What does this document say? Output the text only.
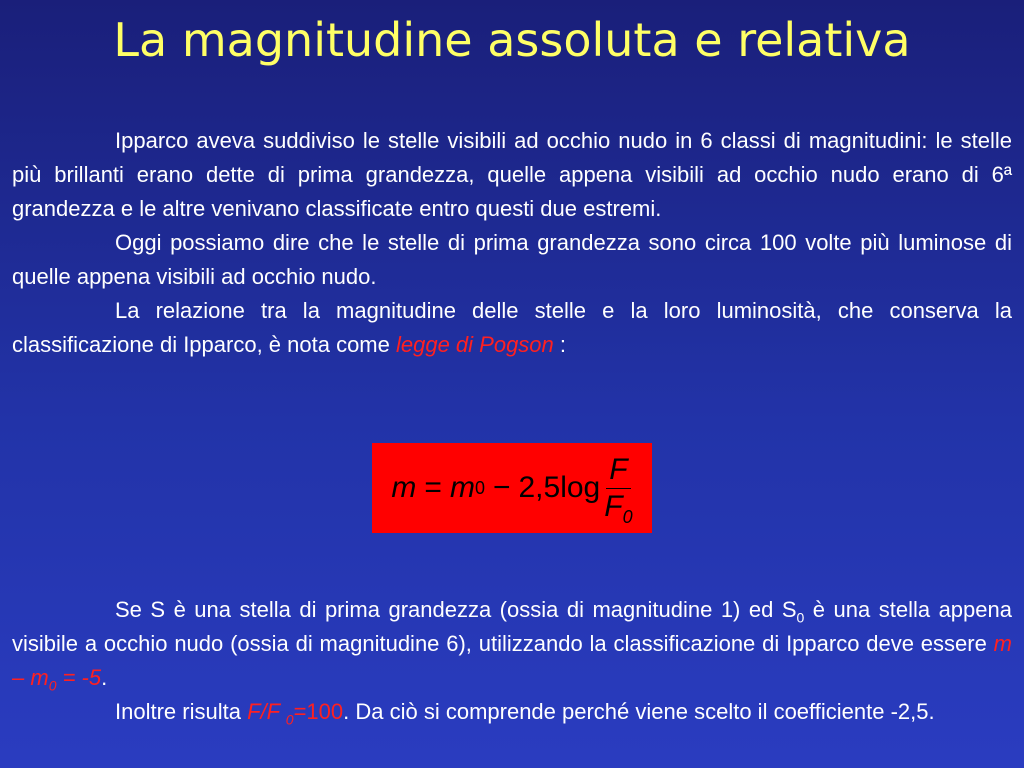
La magnitudine assoluta e relativa

Ipparco aveva suddiviso le stelle visibili ad occhio nudo in 6 classi di magnitudini: le stelle più brillanti erano dette di prima grandezza, quelle appena visibili ad occhio nudo erano di 6ª grandezza e le altre venivano classificate entro questi due estremi.

Oggi possiamo dire che le stelle di prima grandezza sono circa 100 volte più luminose di quelle appena visibili ad occhio nudo.

La relazione tra la magnitudine delle stelle e la loro luminosità, che conserva la classificazione di Ipparco, è nota come legge di Pogson :

m = m $0 - 2,5\log \frac{F}{F_0}$

Se S è una stella di prima grandezza (ossia di magnitudine 1) ed $S_0$ è una stella appena visibile a occhio nudo (ossia di magnitudine 6), utilizzando la classificazione di Ipparco deve essere $m - m_0 = -5$.

Inoltre risulta F/F $_0$=100. Da ciò si comprende perché viene scelto il coefficiente -2,5.
